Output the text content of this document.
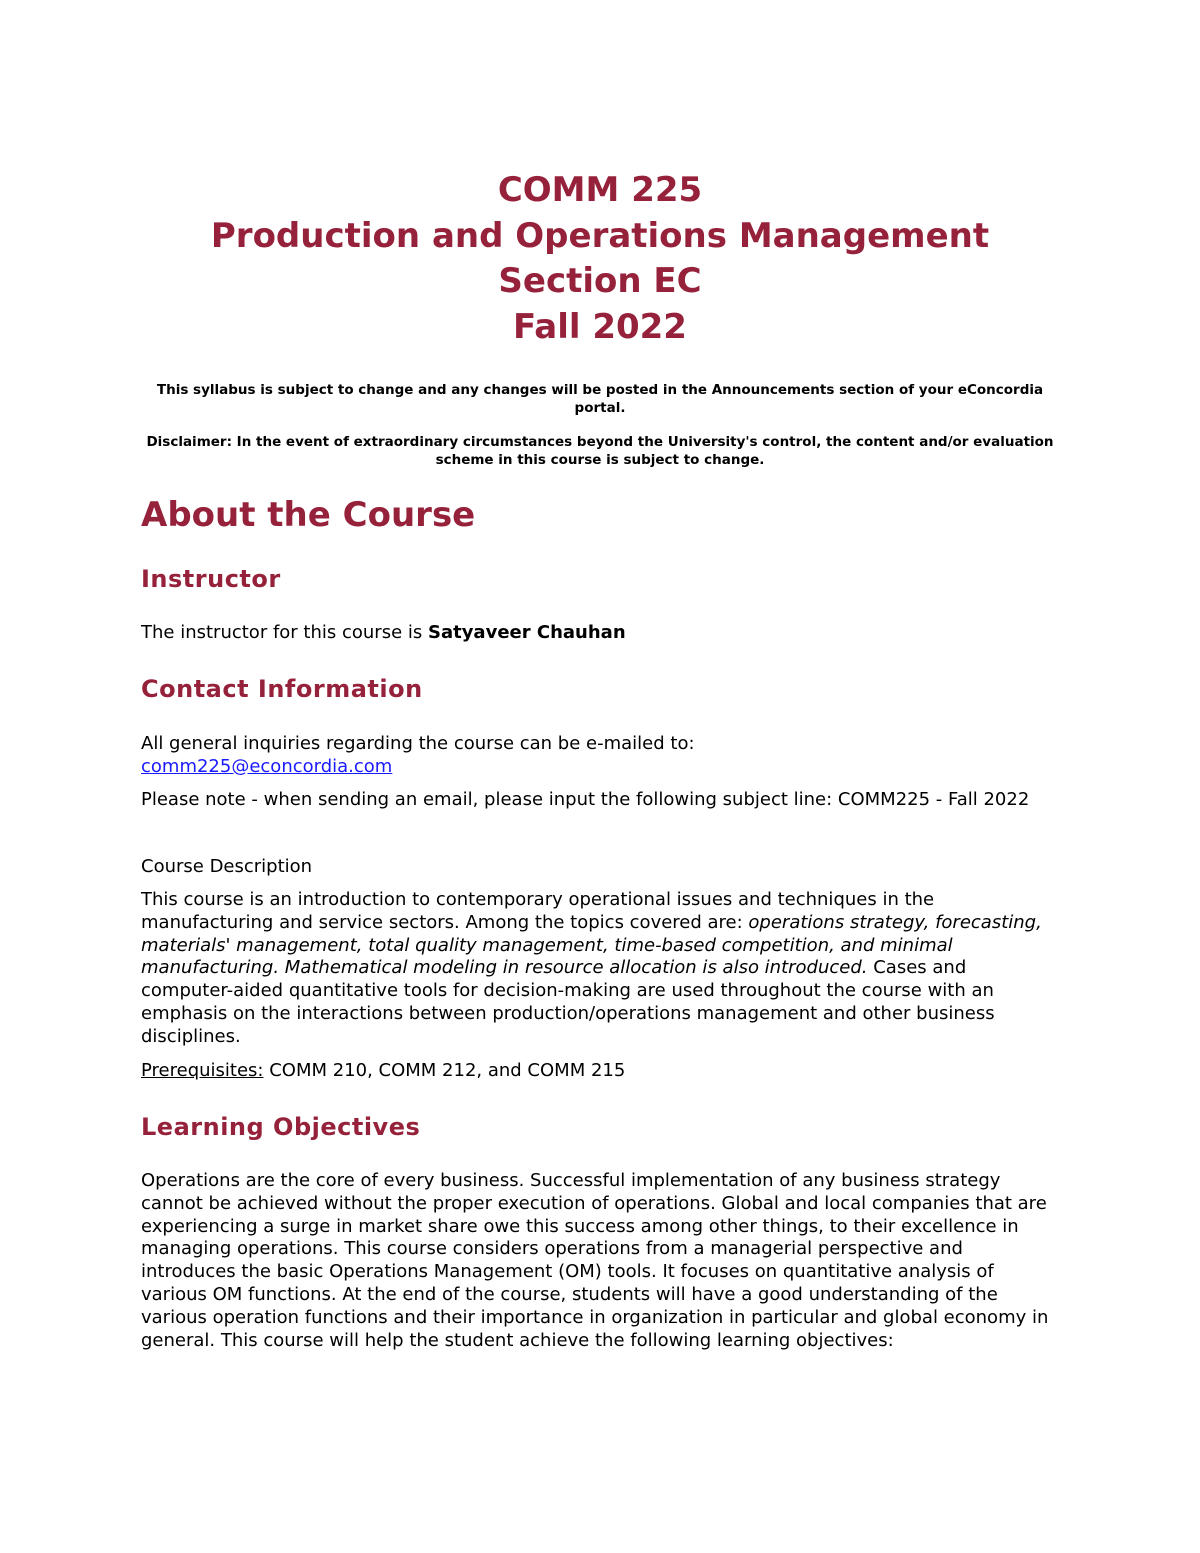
COMM 225
Production and Operations Management
Section EC
Fall 2022
This syllabus is subject to change and any changes will be posted in the Announcements section of your eConcordia portal.
Disclaimer: In the event of extraordinary circumstances beyond the University's control, the content and/or evaluation scheme in this course is subject to change.
About the Course
Instructor
The instructor for this course is Satyaveer Chauhan
Contact Information
All general inquiries regarding the course can be e-mailed to:
comm225@econcordia.com
Please note - when sending an email, please input the following subject line: COMM225 - Fall 2022
Course Description
This course is an introduction to contemporary operational issues and techniques in the manufacturing and service sectors. Among the topics covered are: operations strategy, forecasting, materials' management, total quality management, time-based competition, and minimal manufacturing. Mathematical modeling in resource allocation is also introduced. Cases and computer-aided quantitative tools for decision-making are used throughout the course with an emphasis on the interactions between production/operations management and other business disciplines.
Prerequisites: COMM 210, COMM 212, and COMM 215
Learning Objectives
Operations are the core of every business. Successful implementation of any business strategy cannot be achieved without the proper execution of operations. Global and local companies that are experiencing a surge in market share owe this success among other things, to their excellence in managing operations. This course considers operations from a managerial perspective and introduces the basic Operations Management (OM) tools. It focuses on quantitative analysis of various OM functions. At the end of the course, students will have a good understanding of the various operation functions and their importance in organization in particular and global economy in general. This course will help the student achieve the following learning objectives:
